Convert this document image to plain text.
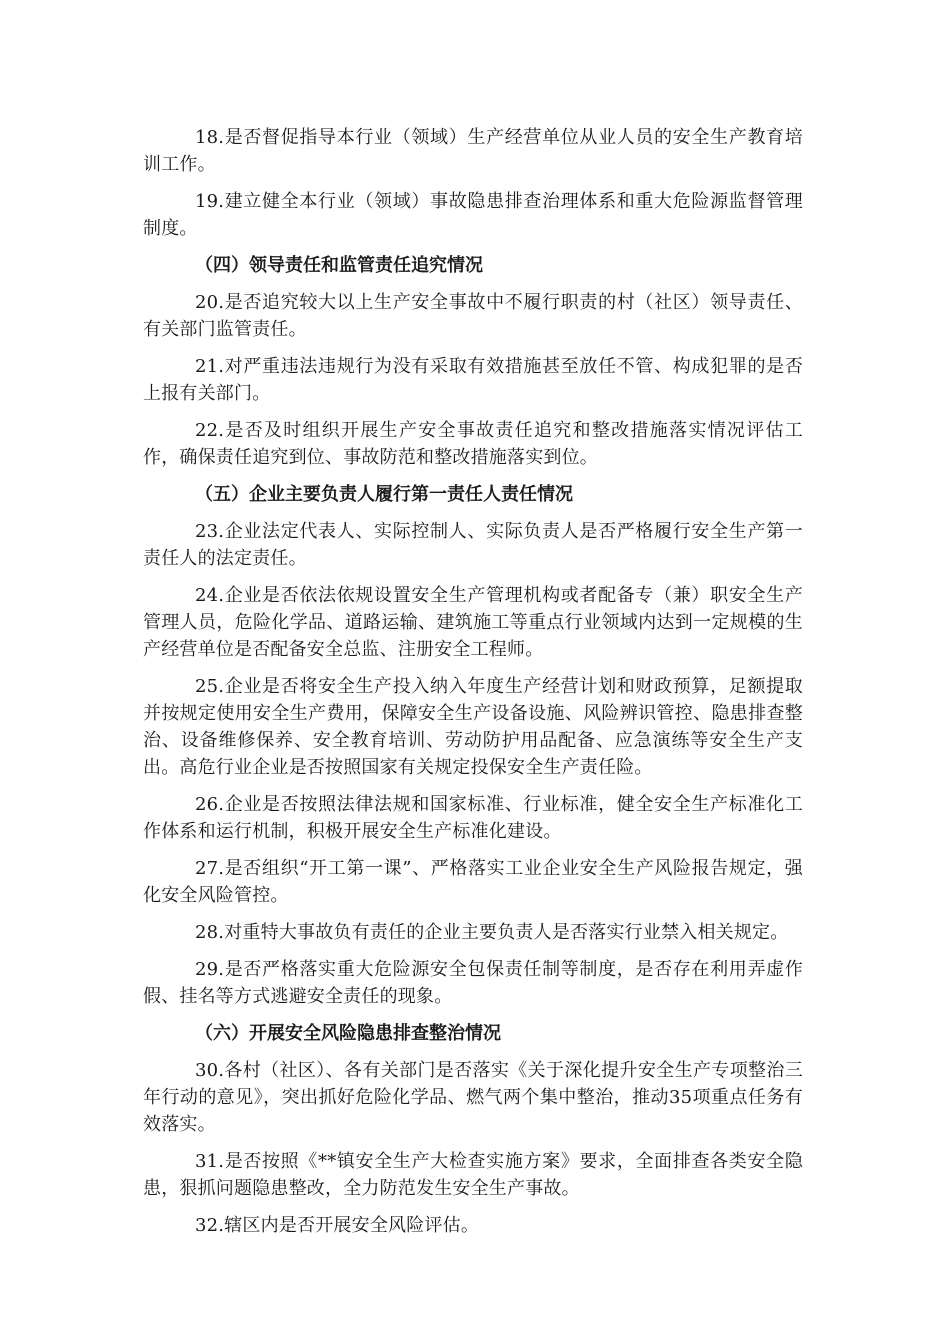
18.是否督促指导本行业（领域）生产经营单位从业人员的安全生产教育培训工作。

19.建立健全本行业（领域）事故隐患排查治理体系和重大危险源监督管理制度。

（四）领导责任和监管责任追究情况

20.是否追究较大以上生产安全事故中不履行职责的村（社区）领导责任、有关部门监管责任。

21.对严重违法违规行为没有采取有效措施甚至放任不管、构成犯罪的是否上报有关部门。

22.是否及时组织开展生产安全事故责任追究和整改措施落实情况评估工作，确保责任追究到位、事故防范和整改措施落实到位。

（五）企业主要负责人履行第一责任人责任情况

23.企业法定代表人、实际控制人、实际负责人是否严格履行安全生产第一责任人的法定责任。

24.企业是否依法依规设置安全生产管理机构或者配备专（兼）职安全生产管理人员，危险化学品、道路运输、建筑施工等重点行业领域内达到一定规模的生产经营单位是否配备安全总监、注册安全工程师。

25.企业是否将安全生产投入纳入年度生产经营计划和财政预算，足额提取并按规定使用安全生产费用，保障安全生产设备设施、风险辨识管控、隐患排查整治、设备维修保养、安全教育培训、劳动防护用品配备、应急演练等安全生产支出。高危行业企业是否按照国家有关规定投保安全生产责任险。

26.企业是否按照法律法规和国家标准、行业标准，健全安全生产标准化工作体系和运行机制，积极开展安全生产标准化建设。

27.是否组织“开工第一课”、严格落实工业企业安全生产风险报告规定，强化安全风险管控。

28.对重特大事故负有责任的企业主要负责人是否落实行业禁入相关规定。

29.是否严格落实重大危险源安全包保责任制等制度，是否存在利用弄虚作假、挂名等方式逃避安全责任的现象。

（六）开展安全风险隐患排查整治情况

30.各村（社区）、各有关部门是否落实《关于深化提升安全生产专项整治三年行动的意见》，突出抓好危险化学品、燃气两个集中整治，推动35项重点任务有效落实。

31.是否按照《**镇安全生产大检查实施方案》要求，全面排查各类安全隐患，狠抓问题隐患整改，全力防范发生安全生产事故。

32.辖区内是否开展安全风险评估。
